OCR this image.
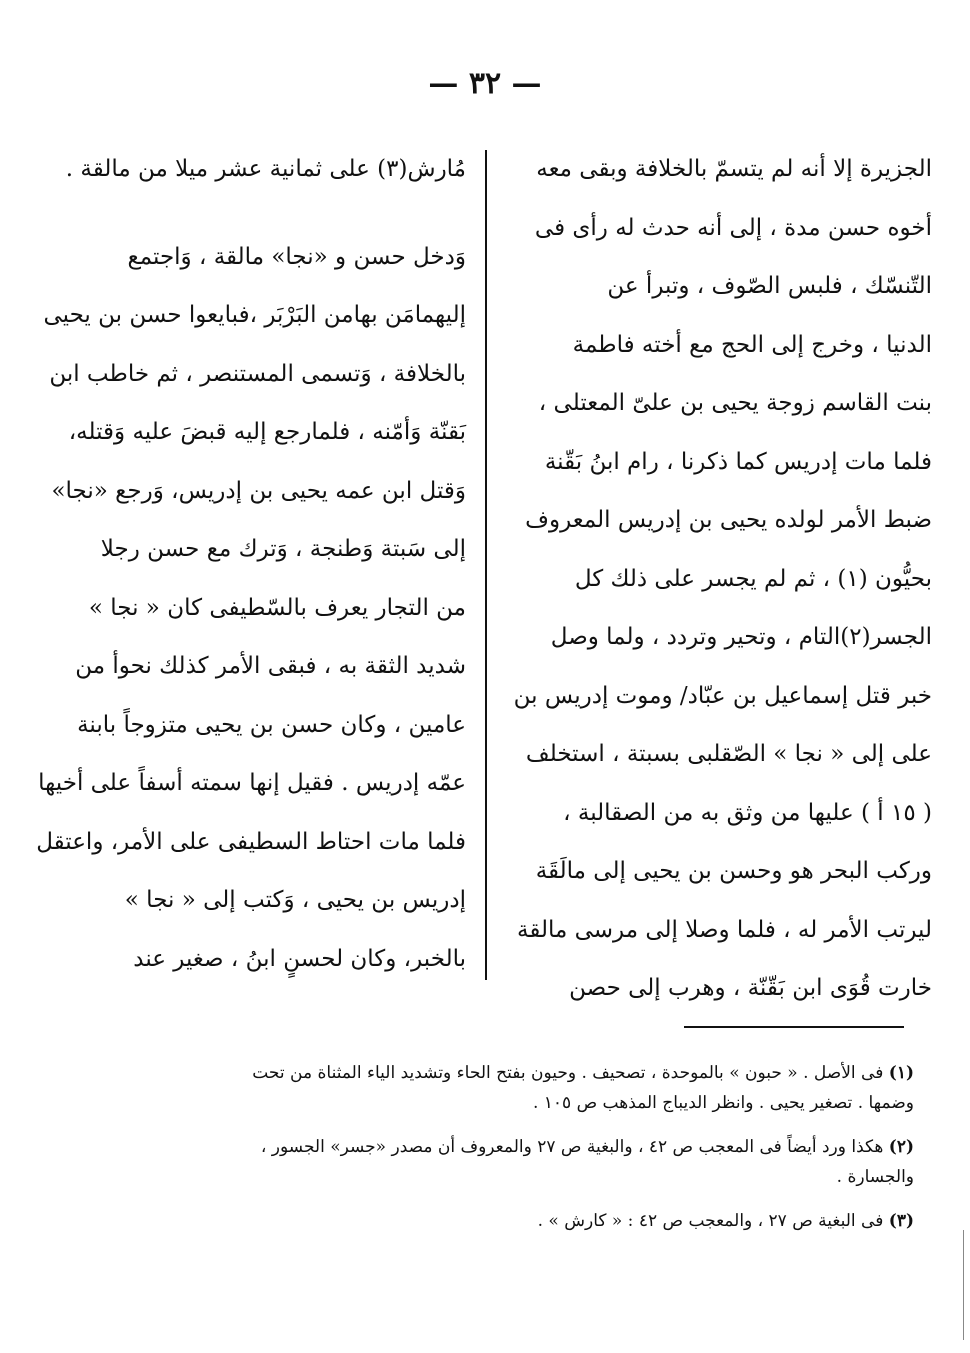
— ٣٢ —
الجزيرة إلا أنه لم يتسمّ بالخلافة وبقى معه
أخوه حسن مدة ، إلى أنه حدث له رأى فى
التّنسّك ، فلبس الصّوف ، وتبرأ عن
الدنيا ، وخرج إلى الحج مع أخته فاطمة
بنت القاسم زوجة يحيى بن علىّ المعتلى ،
فلما مات إدريس كما ذكرنا ، رام ابنُ بَقّنة
ضبط الأمر لولده يحيى بن إدريس المعروف
بحيُّون (١) ، ثم لم يجسر على ذلك كل
الجسر(٢)التام ، وتحير وتردد ، ولما وصل
خبر قتل إسماعيل بن عبّاد/ وموت إدريس بن
على إلى « نجا » الصّقلبى بسبتة ، استخلف
( ١٥ أ ) عليها من وثق به من الصقالبة ،
وركب البحر هو وحسن بن يحيى إلى مالَقَة
ليرتب الأمر له ، فلما وصلا إلى مرسى مالقة
خارت قُوَى ابن بَقّنّة ، وهرب إلى حصن
مُارش(٣) على ثمانية عشر ميلا من مالقة .
وَدخل حسن و «نجا» مالقة ، وَاجتمع
إليهمامَن بهامن البَرْبَر ،فبايعوا حسن بن يحيى
بالخلافة ، وَتسمى المستنصر ، ثم خاطب ابن
بَقنّة وَأمّنه ، فلمارجع إليه قبضَ عليه وَقتله،
وَقتل ابن عمه يحيى بن إدريس، وَرجع «نجا»
إلى سَبتة وَطنجة ، وَترك مع حسن رجلا
من التجار يعرف بالسّطيفى كان « نجا »
شديد الثقة به ، فبقى الأمر كذلك نحوأ من
عامين ، وكان حسن بن يحيى متزوجاً بابنة
عمّه إدريس . فقيل إنها سمته أسفاً على أخيها
فلما مات احتاط السطيفى على الأمر، واعتقل
إدريس بن يحيى ، وَكتب إلى « نجا »
بالخبر، وكان لحسنٍ ابنُ ، صغير عند
(١) فى الأصل . « حبون » بالموحدة ، تصحيف . وحيون بفتح الحاء وتشديد الياء المثناة من تحت
وضمها . تصغير يحيى . وانظر الديباج المذهب ص ١٠٥ .
(٢) هكذا ورد أيضاً فى المعجب ص ٤٢ ، والبغية ص ٢٧ والمعروف أن مصدر «جسر» الجسور ،
والجسارة .
(٣) فى البغية ص ٢٧ ، والمعجب ص ٤٢ : « كارش » .
